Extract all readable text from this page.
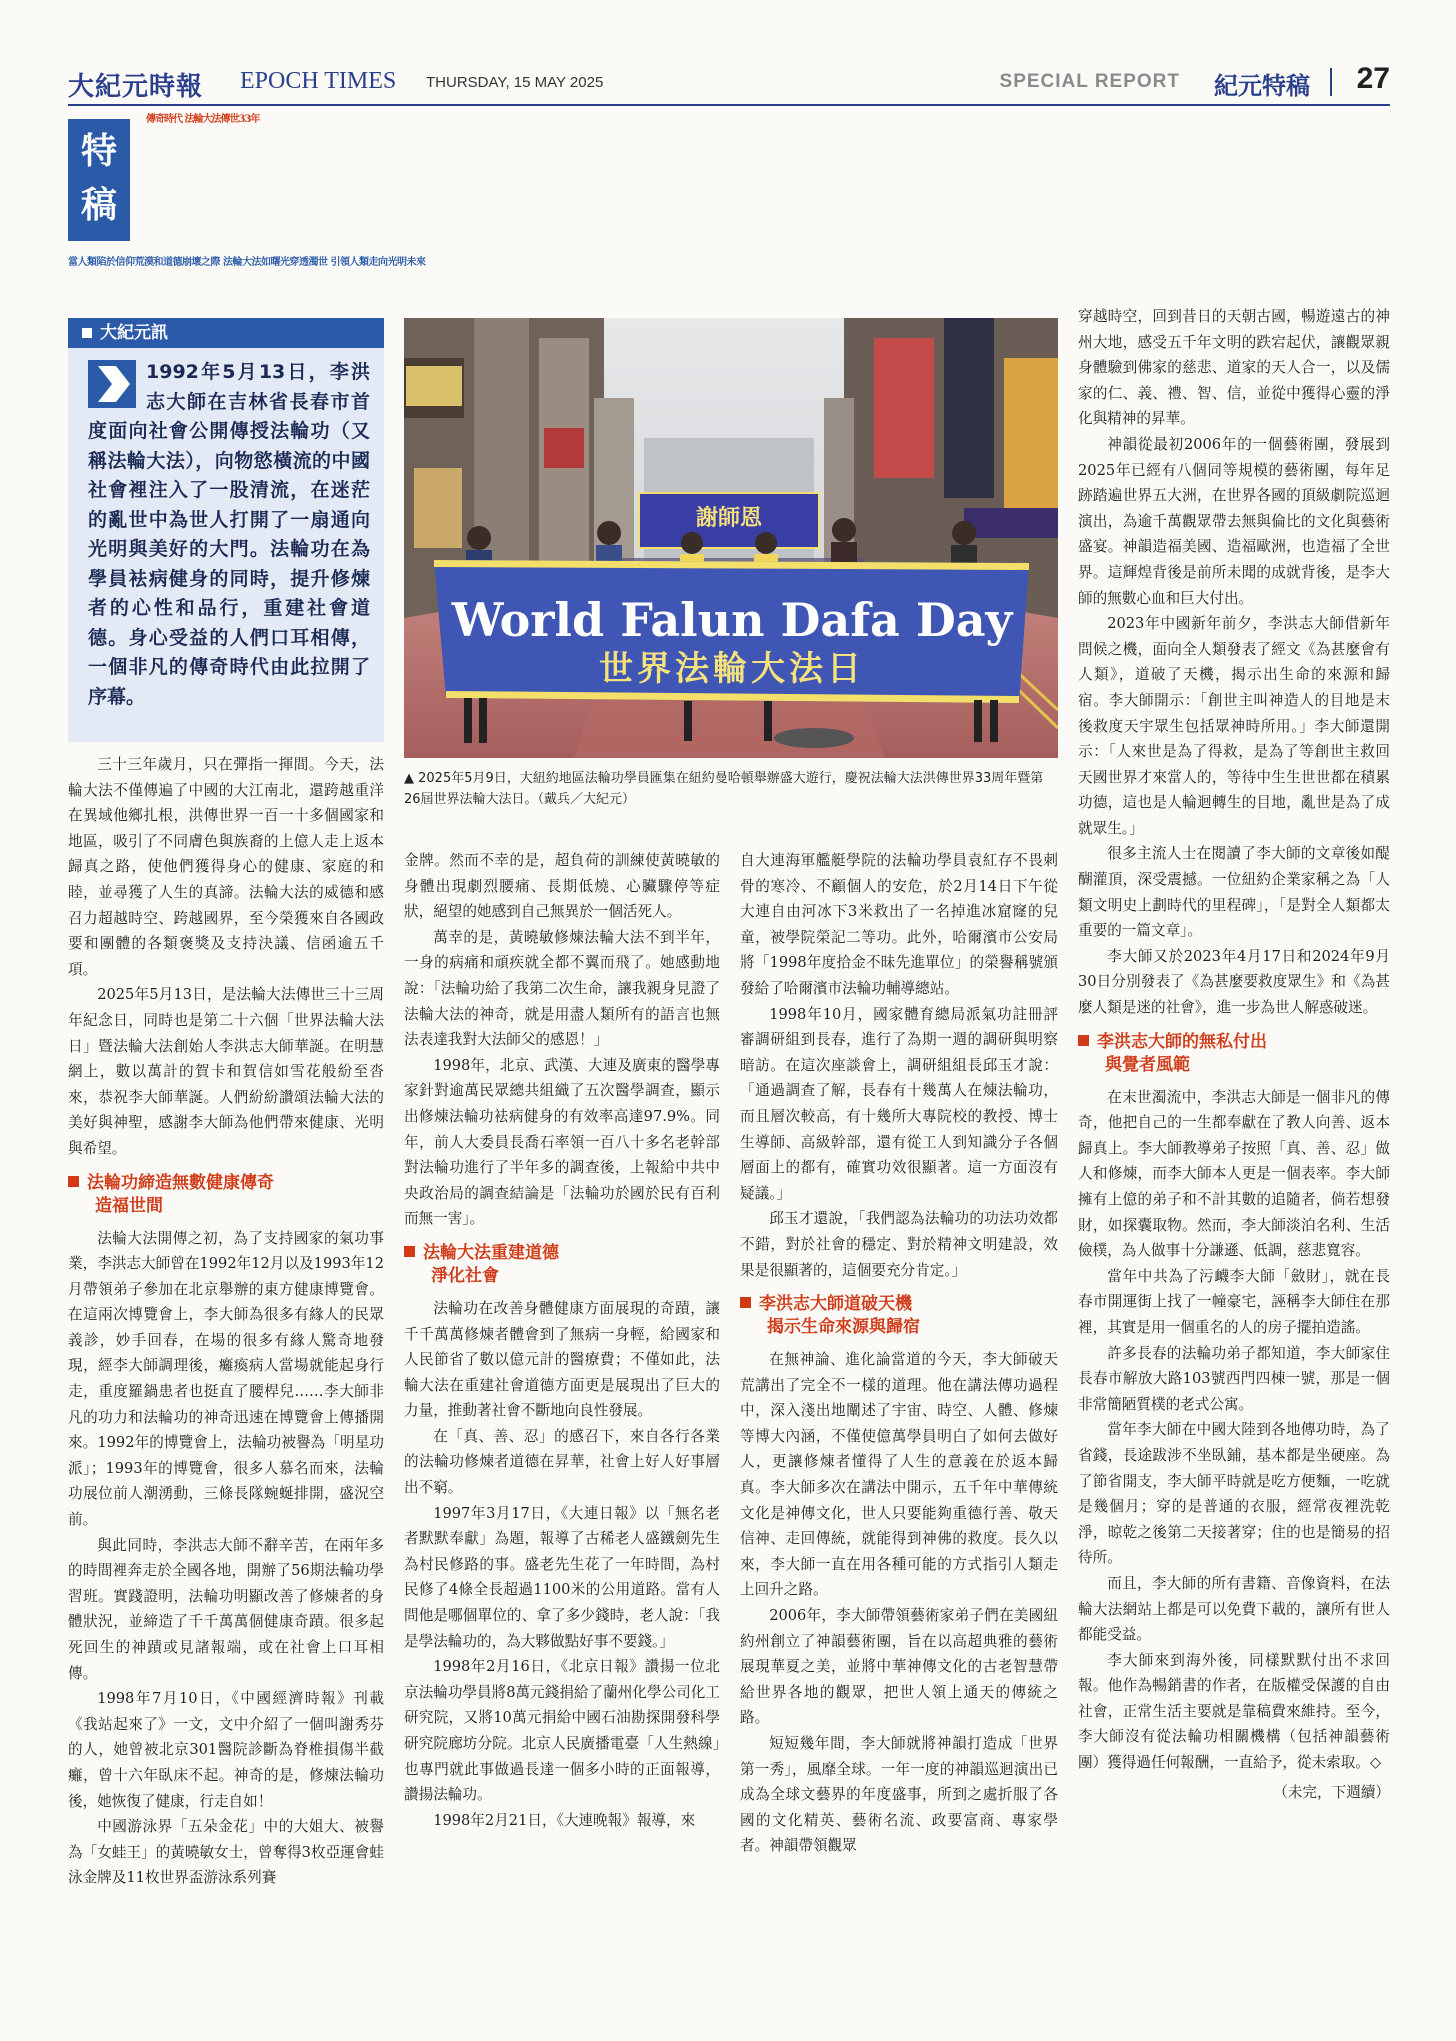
大紀元時報 EPOCH TIMES THURSDAY, 15 MAY 2025	SPECIAL REPORT 紀元特稿 27
特
稿
傳奇時代 法輪大法傳世33年
當人類陷於信仰荒漠和道德崩壞之際 法輪大法如曙光穿透濁世 引領人類走向光明未來
大紀元訊
1992年5月13日，李洪志大師在吉林省長春市首度面向社會公開傳授法輪功（又稱法輪大法），向物慾橫流的中國社會裡注入了一股清流，在迷茫的亂世中為世人打開了一扇通向光明與美好的大門。法輪功在為學員袪病健身的同時，提升修煉者的心性和品行，重建社會道德。身心受益的人們口耳相傳，一個非凡的傳奇時代由此拉開了序幕。
謝師恩
World Falun Dafa Day
世界法輪大法日
▲ 2025年5月9日，大紐約地區法輪功學員匯集在紐約曼哈頓舉辦盛大遊行，慶祝法輪大法洪傳世界33周年暨第26屆世界法輪大法日。（戴兵／大紀元）

三十三年歲月，只在彈指一揮間。今天，法輪大法不僅傳遍了中國的大江南北，還跨越重洋在異域他鄉扎根，洪傳世界一百一十多個國家和地區，吸引了不同膚色與族裔的上億人走上返本歸真之路，使他們獲得身心的健康、家庭的和睦，並尋獲了人生的真諦。法輪大法的威德和感召力超越時空、跨越國界，至今榮獲來自各國政要和團體的各類褒獎及支持決議、信函逾五千項。

2025年5月13日，是法輪大法傳世三十三周年紀念日，同時也是第二十六個「世界法輪大法日」暨法輪大法創始人李洪志大師華誕。在明慧網上，數以萬計的賀卡和賀信如雪花般紛至沓來，恭祝李大師華誕。人們紛紛讚頌法輪大法的美好與神聖，感謝李大師為他們帶來健康、光明與希望。

法輪功締造無數健康傳奇
造福世間

法輪大法開傳之初，為了支持國家的氣功事業，李洪志大師曾在1992年12月以及1993年12月帶領弟子參加在北京舉辦的東方健康博覽會。在這兩次博覽會上，李大師為很多有緣人的民眾義診，妙手回春，在場的很多有緣人驚奇地發現，經李大師調理後，癱瘓病人當場就能起身行走，重度羅鍋患者也挺直了腰桿兒……李大師非凡的功力和法輪功的神奇迅速在博覽會上傳播開來。1992年的博覽會上，法輪功被譽為「明星功派」；1993年的博覽會，很多人慕名而來，法輪功展位前人潮湧動，三條長隊蜿蜒排開，盛況空前。

與此同時，李洪志大師不辭辛苦，在兩年多的時間裡奔走於全國各地，開辦了56期法輪功學習班。實踐證明，法輪功明顯改善了修煉者的身體狀況，並締造了千千萬萬個健康奇蹟。很多起死回生的神蹟或見諸報端，或在社會上口耳相傳。

1998年7月10日，《中國經濟時報》刊載《我站起來了》一文，文中介紹了一個叫謝秀芬的人，她曾被北京301醫院診斷為脊椎損傷半截癱，曾十六年臥床不起。神奇的是，修煉法輪功後，她恢復了健康，行走自如！

中國游泳界「五朵金花」中的大姐大、被譽為「女蛙王」的黃曉敏女士，曾奪得3枚亞運會蛙泳金牌及11枚世界盃游泳系列賽

金牌。然而不幸的是，超負荷的訓練使黃曉敏的身體出現劇烈腰痛、長期低燒、心臟驟停等症狀，絕望的她感到自己無異於一個活死人。

萬幸的是，黃曉敏修煉法輪大法不到半年，一身的病痛和頑疾就全都不翼而飛了。她感動地說：「法輪功給了我第二次生命，讓我親身見證了法輪大法的神奇，就是用盡人類所有的語言也無法表達我對大法師父的感恩！」

1998年，北京、武漢、大連及廣東的醫學專家針對逾萬民眾總共組織了五次醫學調查，顯示出修煉法輪功袪病健身的有效率高達97.9%。同年，前人大委員長喬石率領一百八十多名老幹部對法輪功進行了半年多的調查後，上報給中共中央政治局的調查結論是「法輪功於國於民有百利而無一害」。

法輪大法重建道德
淨化社會

法輪功在改善身體健康方面展現的奇蹟，讓千千萬萬修煉者體會到了無病一身輕，給國家和人民節省了數以億元計的醫療費；不僅如此，法輪大法在重建社會道德方面更是展現出了巨大的力量，推動著社會不斷地向良性發展。

在「真、善、忍」的感召下，來自各行各業的法輪功修煉者道德在昇華，社會上好人好事層出不窮。

1997年3月17日，《大連日報》以「無名老者默默奉獻」為題，報導了古稀老人盛鐵劍先生為村民修路的事。盛老先生花了一年時間，為村民修了4條全長超過1100米的公用道路。當有人問他是哪個單位的、拿了多少錢時，老人說：「我是學法輪功的，為大夥做點好事不要錢。」

1998年2月16日，《北京日報》讚揚一位北京法輪功學員將8萬元錢捐給了蘭州化學公司化工研究院，又將10萬元捐給中國石油勘探開發科學研究院廊坊分院。北京人民廣播電臺「人生熱線」也專門就此事做過長達一個多小時的正面報導，讚揚法輪功。

1998年2月21日，《大連晚報》報導，來

自大連海軍艦艇學院的法輪功學員袁紅存不畏刺骨的寒冷、不顧個人的安危，於2月14日下午從大連自由河冰下3米救出了一名掉進冰窟窿的兒童，被學院榮記二等功。此外，哈爾濱市公安局將「1998年度拾金不昧先進單位」的榮譽稱號頒發給了哈爾濱市法輪功輔導總站。

1998年10月，國家體育總局派氣功註冊評審調研組到長春，進行了為期一週的調研與明察暗訪。在這次座談會上，調研組組長邱玉才說：「通過調查了解，長春有十幾萬人在煉法輪功，而且層次較高，有十幾所大專院校的教授、博士生導師、高級幹部，還有從工人到知識分子各個層面上的都有，確實功效很顯著。這一方面沒有疑議。」

邱玉才還說，「我們認為法輪功的功法功效都不錯，對於社會的穩定、對於精神文明建設，效果是很顯著的，這個要充分肯定。」

李洪志大師道破天機
揭示生命來源與歸宿

在無神論、進化論當道的今天，李大師破天荒講出了完全不一樣的道理。他在講法傳功過程中，深入淺出地闡述了宇宙、時空、人體、修煉等博大內涵，不僅使億萬學員明白了如何去做好人，更讓修煉者懂得了人生的意義在於返本歸真。李大師多次在講法中開示，五千年中華傳統文化是神傳文化，世人只要能夠重德行善、敬天信神、走回傳統，就能得到神佛的救度。長久以來，李大師一直在用各種可能的方式指引人類走上回升之路。

2006年，李大師帶領藝術家弟子們在美國紐約州創立了神韻藝術團，旨在以高超典雅的藝術展現華夏之美，並將中華神傳文化的古老智慧帶給世界各地的觀眾，把世人領上通天的傳統之路。

短短幾年間，李大師就將神韻打造成「世界第一秀」，風靡全球。一年一度的神韻巡迴演出已成為全球文藝界的年度盛事，所到之處折服了各國的文化精英、藝術名流、政要富商、專家學者。神韻帶領觀眾

穿越時空，回到昔日的天朝古國，暢遊遠古的神州大地，感受五千年文明的跌宕起伏，讓觀眾親身體驗到佛家的慈悲、道家的天人合一，以及儒家的仁、義、禮、智、信，並從中獲得心靈的淨化與精神的昇華。

神韻從最初2006年的一個藝術團，發展到2025年已經有八個同等規模的藝術團，每年足跡踏遍世界五大洲，在世界各國的頂級劇院巡迴演出，為逾千萬觀眾帶去無與倫比的文化與藝術盛宴。神韻造福美國、造福歐洲，也造福了全世界。這輝煌背後是前所未聞的成就背後，是李大師的無數心血和巨大付出。

2023年中國新年前夕，李洪志大師借新年問候之機，面向全人類發表了經文《為甚麼會有人類》，道破了天機，揭示出生命的來源和歸宿。李大師開示：「創世主叫神造人的目地是末後救度天宇眾生包括眾神時所用。」李大師還開示：「人來世是為了得救，是為了等創世主救回天國世界才來當人的，等待中生生世世都在積累功德，這也是人輪迴轉生的目地，亂世是為了成就眾生。」

很多主流人士在閱讀了李大師的文章後如醍醐灌頂，深受震撼。一位紐約企業家稱之為「人類文明史上劃時代的里程碑」，「是對全人類都太重要的一篇文章」。

李大師又於2023年4月17日和2024年9月30日分別發表了《為甚麼要救度眾生》和《為甚麼人類是迷的社會》，進一步為世人解惑破迷。

李洪志大師的無私付出
與覺者風範

在末世濁流中，李洪志大師是一個非凡的傳奇，他把自己的一生都奉獻在了教人向善、返本歸真上。李大師教導弟子按照「真、善、忍」做人和修煉，而李大師本人更是一個表率。李大師擁有上億的弟子和不計其數的追隨者，倘若想發財，如探囊取物。然而，李大師淡泊名利、生活儉樸，為人做事十分謙遜、低調，慈悲寬容。

當年中共為了污衊李大師「斂財」，就在長春市開運街上找了一幢豪宅，誣稱李大師住在那裡，其實是用一個重名的人的房子擺拍造謠。

許多長春的法輪功弟子都知道，李大師家住長春市解放大路103號西門四棟一號，那是一個非常簡陋質樸的老式公寓。

當年李大師在中國大陸到各地傳功時，為了省錢，長途跋涉不坐臥鋪，基本都是坐硬座。為了節省開支，李大師平時就是吃方便麵，一吃就是幾個月；穿的是普通的衣服，經常夜裡洗乾淨，晾乾之後第二天接著穿；住的也是簡易的招待所。

而且，李大師的所有書籍、音像資料，在法輪大法網站上都是可以免費下載的，讓所有世人都能受益。

李大師來到海外後，同樣默默付出不求回報。他作為暢銷書的作者，在版權受保護的自由社會，正常生活主要就是靠稿費來維持。至今，李大師沒有從法輪功相關機構（包括神韻藝術團）獲得過任何報酬，一直給予，從未索取。◇

（未完，下週續）
